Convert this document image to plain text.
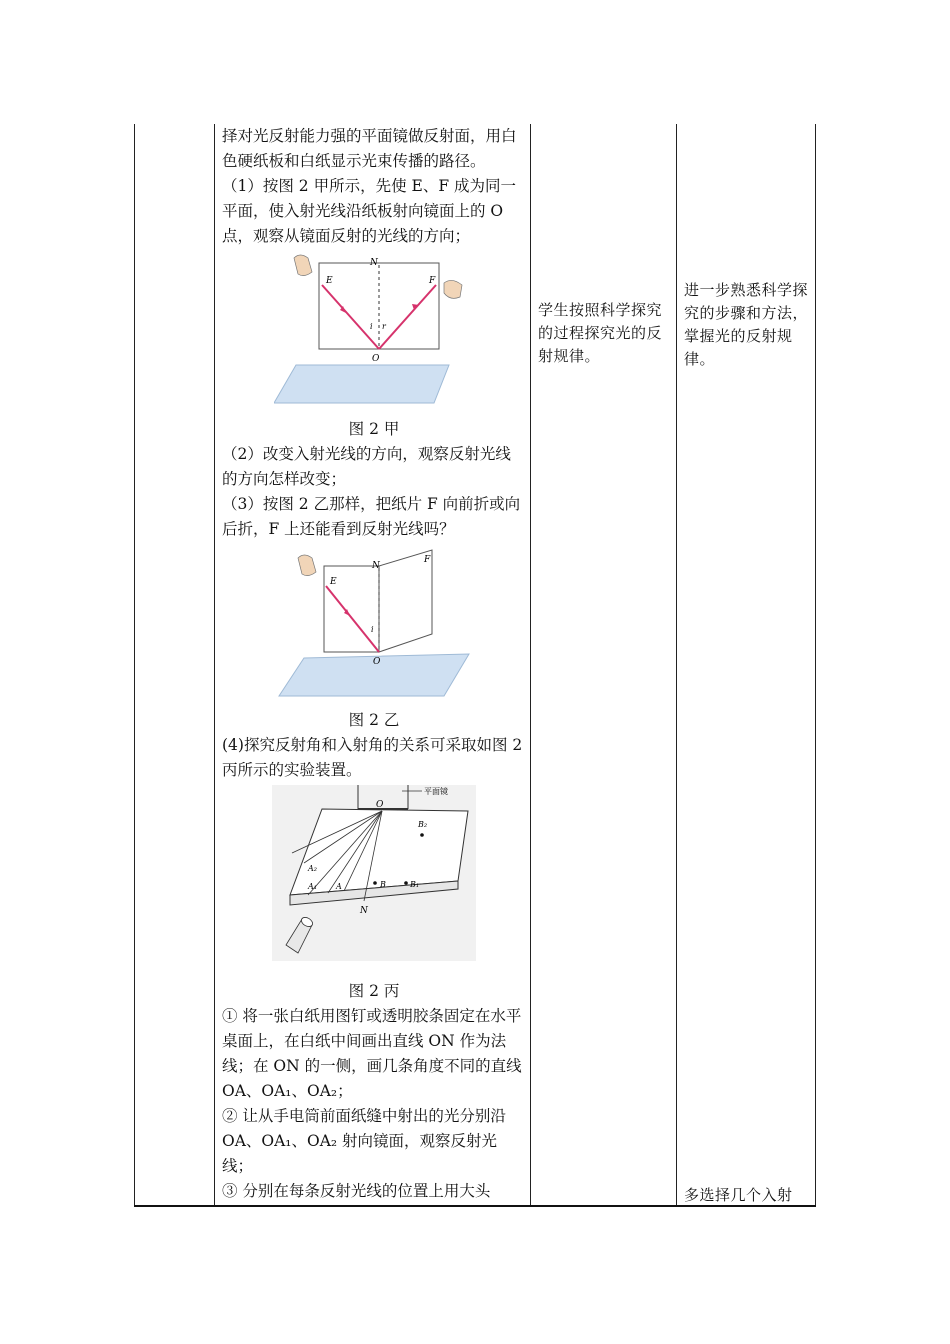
择对光反射能力强的平面镜做反射面，用白色硬纸板和白纸显示光束传播的路径。

（1）按图 2 甲所示，先使 E、F 成为同一平面，使入射光线沿纸板射向镜面上的 O 点，观察从镜面反射的光线的方向；

E	F
N
O
i r

图 2 甲

（2）改变入射光线的方向，观察反射光线的方向怎样改变；

（3）按图 2 乙那样，把纸片 F 向前折或向后折，F 上还能看到反射光线吗？

E
F
N
O
i

图 2 乙

(4)探究反射角和入射角的关系可采取如图 2 丙所示的实验装置。

平面镜
O
N
A
A₁
A₂
B	B₁
B₂

图 2 丙

① 将一张白纸用图钉或透明胶条固定在水平桌面上，在白纸中间画出直线 ON 作为法线；在 ON 的一侧，画几条角度不同的直线 OA、OA₁、OA₂；

② 让从手电筒前面纸缝中射出的光分别沿 OA、OA₁、OA₂ 射向镜面，观察反射光线；

③ 分别在每条反射光线的位置上用大头

学生按照科学探究的过程探究光的反射规律。
进一步熟悉科学探究的步骤和方法，掌握光的反射规律。
多选择几个入射
